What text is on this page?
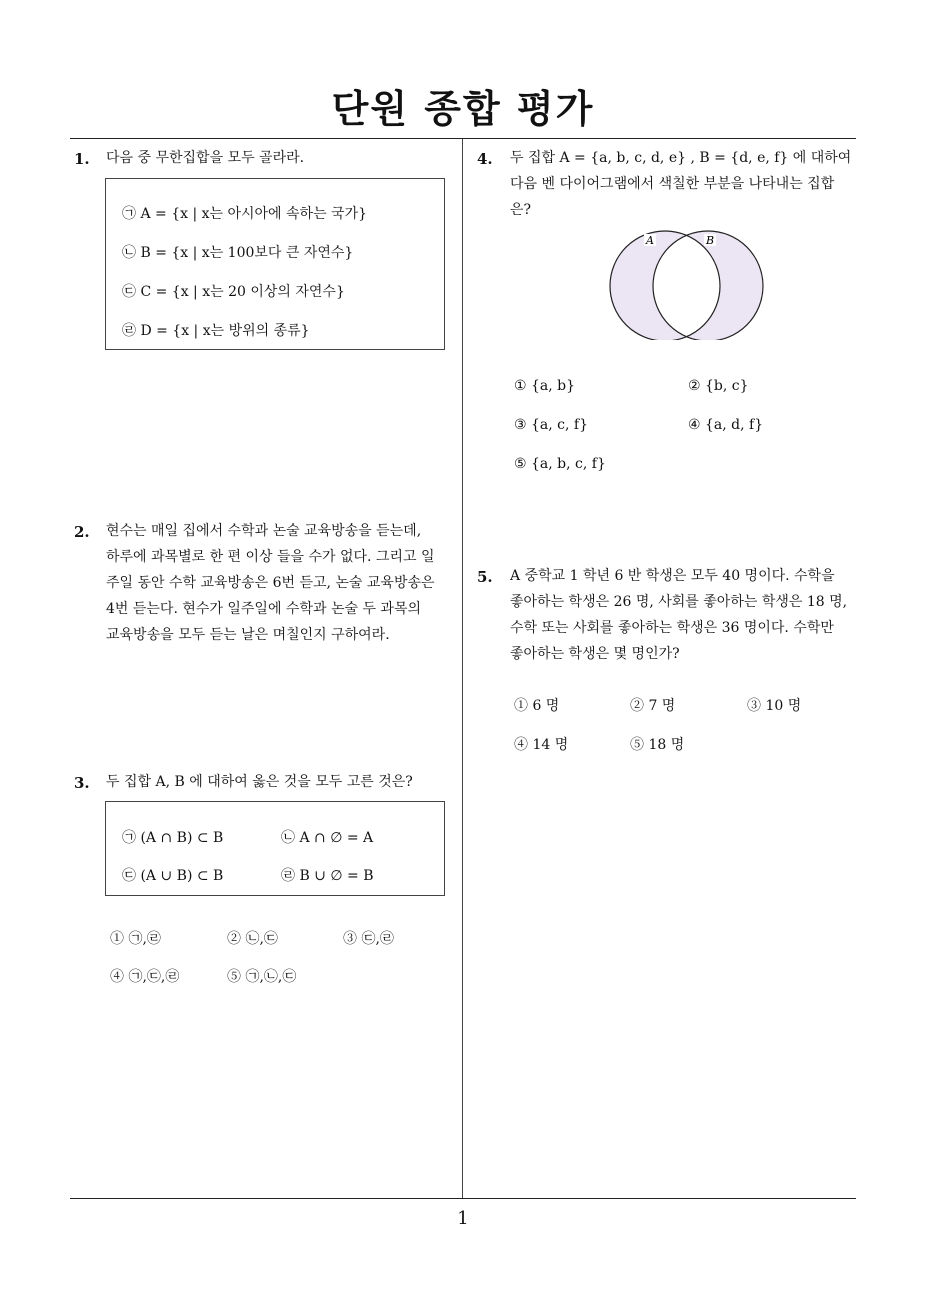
단원 종합 평가
1
1. 다음 중 무한집합을 모두 골라라.
㉠ A = {x | x는 아시아에 속하는 국가}
㉡ B = {x | x는 100보다 큰 자연수}
㉢ C = {x | x는 20 이상의 자연수}
㉣ D = {x | x는 방위의 종류}
2. 현수는 매일 집에서 수학과 논술 교육방송을 듣는데,
하루에 과목별로 한 편 이상 들을 수가 없다. 그리고 일
주일 동안 수학 교육방송은 6번 듣고, 논술 교육방송은
4번 듣는다. 현수가 일주일에 수학과 논술 두 과목의
교육방송을 모두 듣는 날은 며칠인지 구하여라.
3. 두 집합 A, B 에 대하여 옳은 것을 모두 고른 것은?
㉠ (A ∩ B) ⊂ B	㉡ A ∩ ∅ = A
㉢ (A ∪ B) ⊂ B	㉣ B ∪ ∅ = B
① ㉠,㉣	② ㉡,㉢	③ ㉢,㉣
④ ㉠,㉢,㉣	⑤ ㉠,㉡,㉢
4. 두 집합 A = {a, b, c, d, e} , B = {d, e, f} 에 대하여
다음 벤 다이어그램에서 색칠한 부분을 나타내는 집합
은?
A	B
① {a, b}	② {b, c}
③ {a, c, f}	④ {a, d, f}
⑤ {a, b, c, f}
5. A 중학교 1 학년 6 반 학생은 모두 40 명이다. 수학을
좋아하는 학생은 26 명, 사회를 좋아하는 학생은 18 명,
수학 또는 사회를 좋아하는 학생은 36 명이다. 수학만
좋아하는 학생은 몇 명인가?
① 6 명	② 7 명	③ 10 명
④ 14 명	⑤ 18 명
